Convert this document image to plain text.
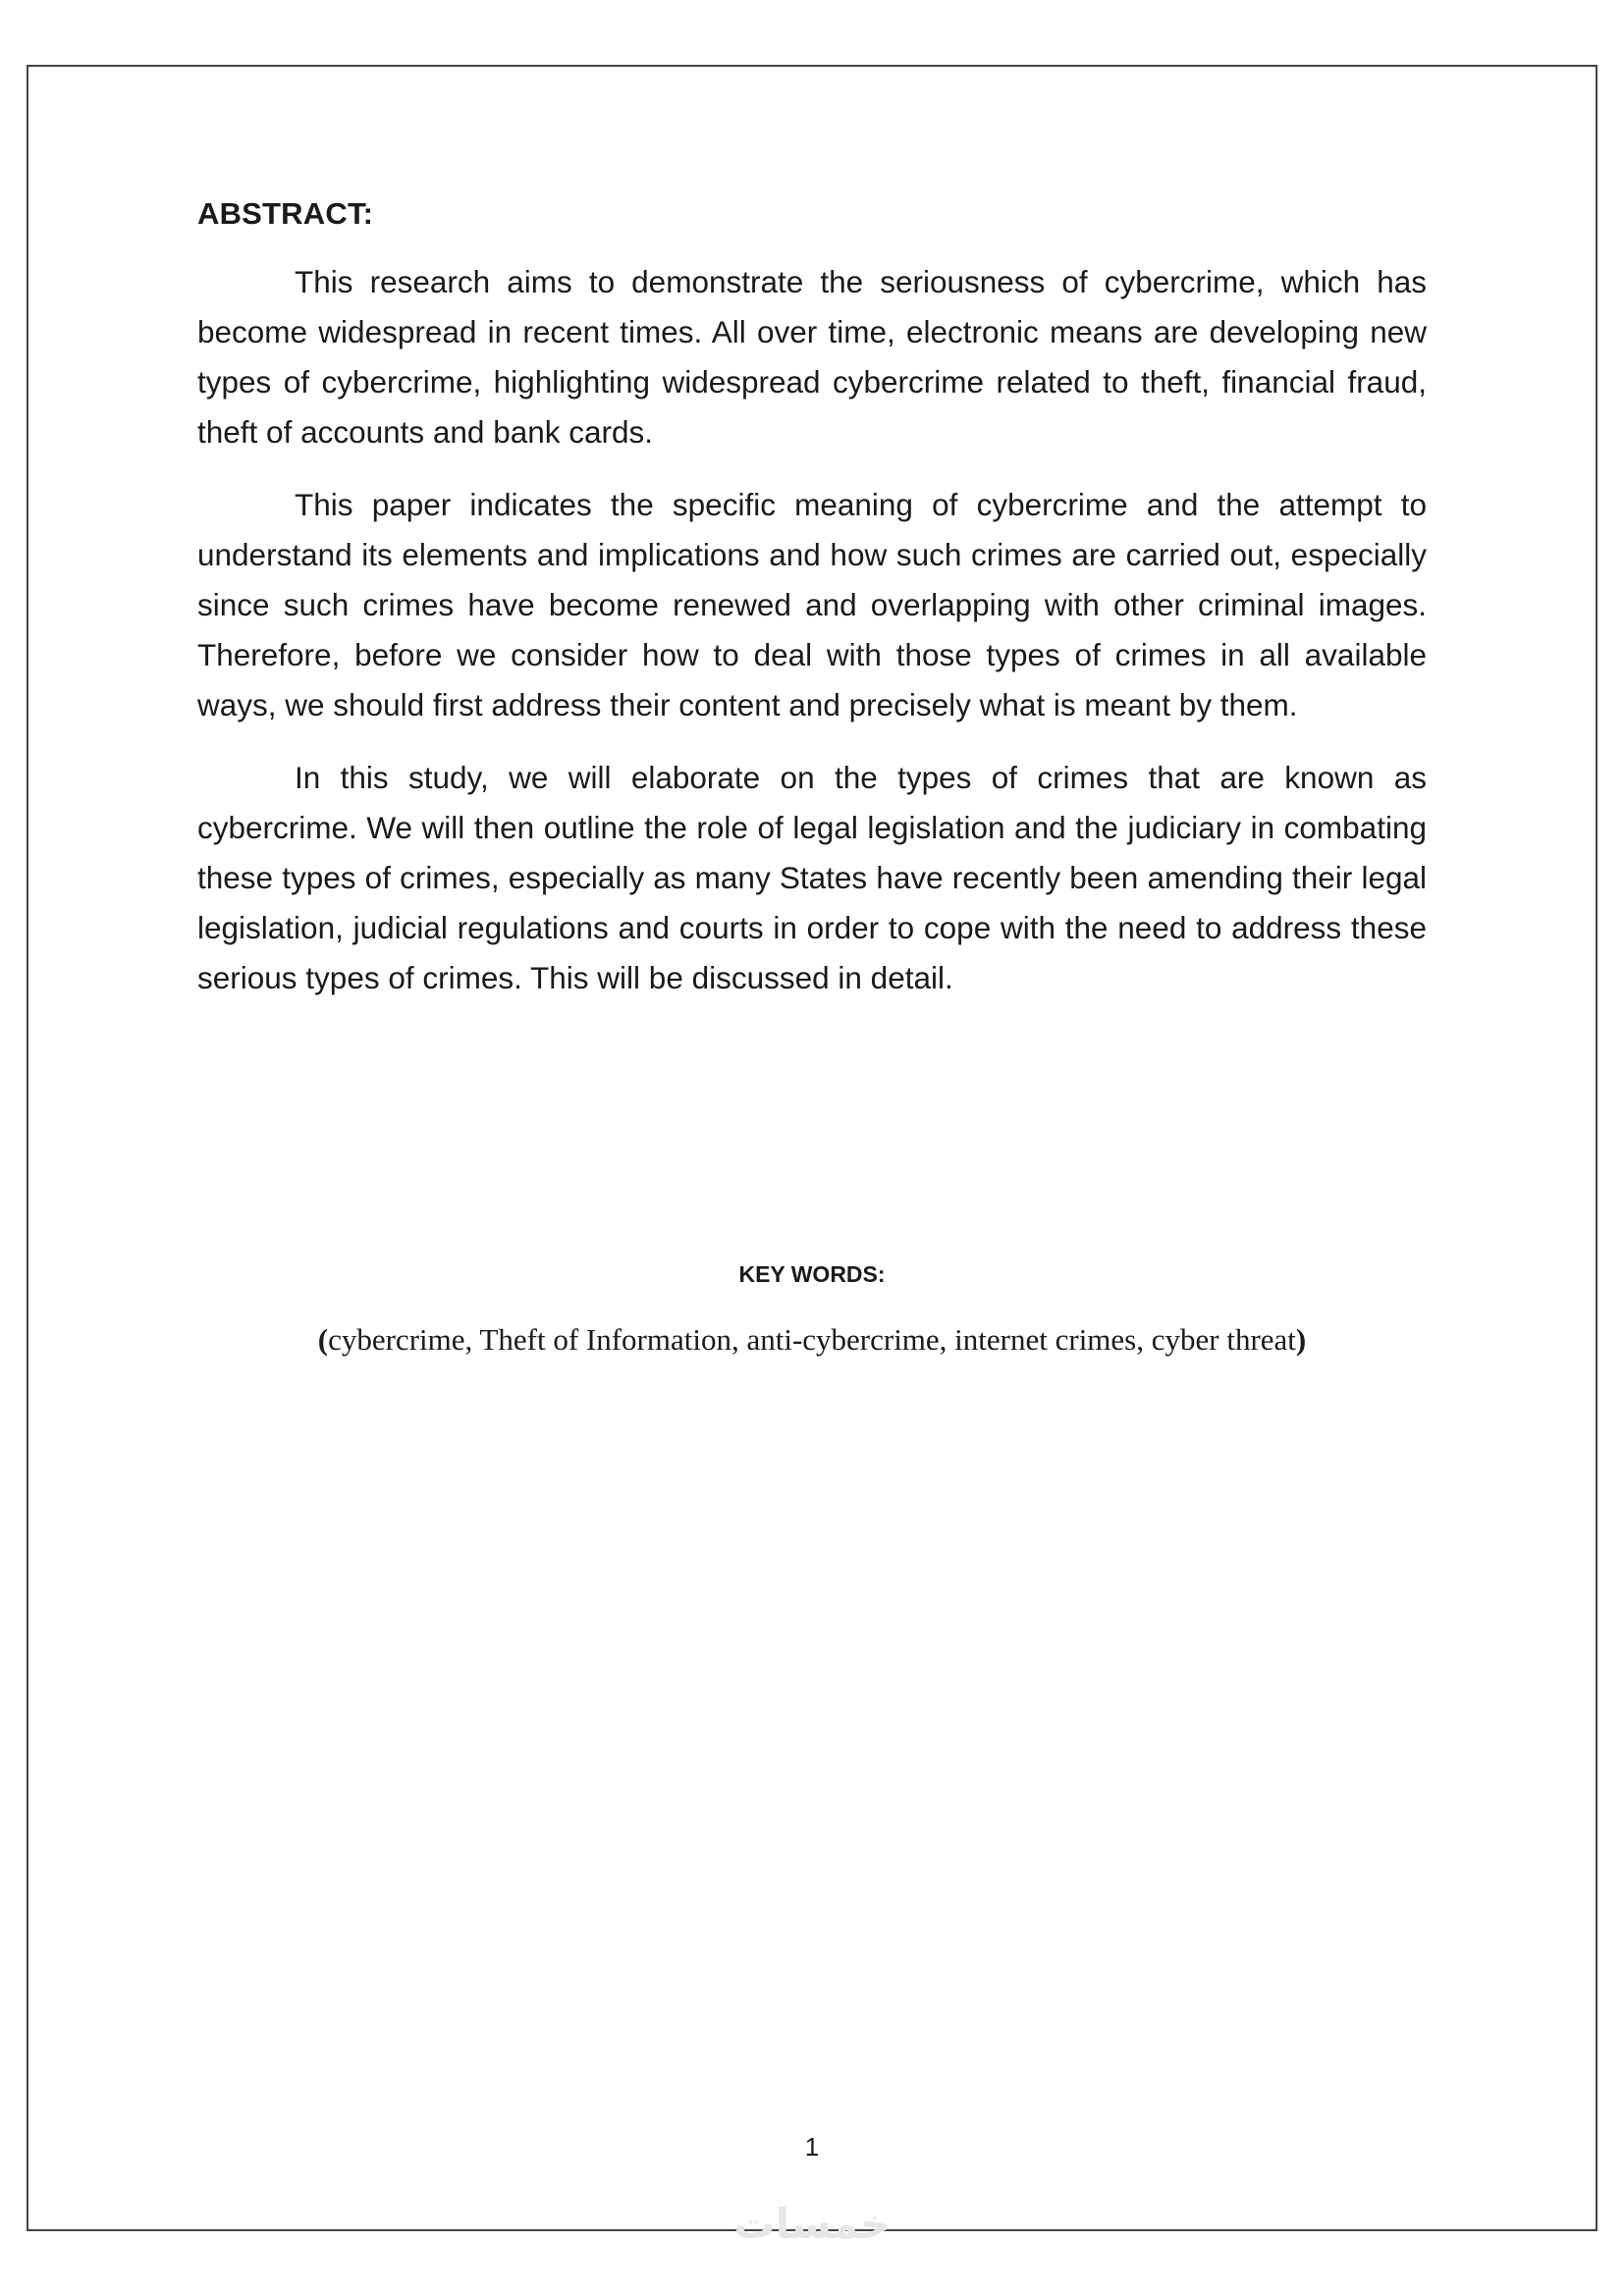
ABSTRACT:

This research aims to demonstrate the seriousness of cybercrime, which has become widespread in recent times. All over time, electronic means are developing new types of cybercrime, highlighting widespread cybercrime related to theft, financial fraud, theft of accounts and bank cards.

This paper indicates the specific meaning of cybercrime and the attempt to understand its elements and implications and how such crimes are carried out, especially since such crimes have become renewed and overlapping with other criminal images. Therefore, before we consider how to deal with those types of crimes in all available ways, we should first address their content and precisely what is meant by them.

In this study, we will elaborate on the types of crimes that are known as cybercrime. We will then outline the role of legal legislation and the judiciary in combating these types of crimes, especially as many States have recently been amending their legal legislation, judicial regulations and courts in order to cope with the need to address these serious types of crimes. This will be discussed in detail.

KEY WORDS:
(cybercrime, Theft of Information, anti-cybercrime, internet crimes, cyber threat)
1
خمسات
